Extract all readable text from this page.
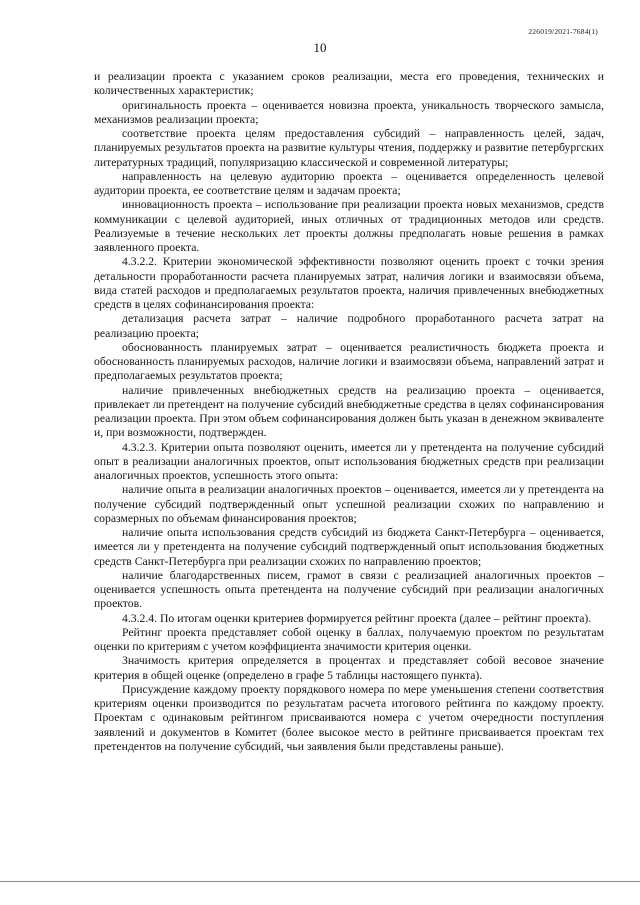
226019/2021-7684(1)
10

и реализации проекта с указанием сроков реализации, места его проведения, технических и количественных характеристик;

оригинальность проекта – оценивается новизна проекта, уникальность творческого замысла, механизмов реализации проекта;

соответствие проекта целям предоставления субсидий – направленность целей, задач, планируемых результатов проекта на развитие культуры чтения, поддержку и развитие петербургских литературных традиций, популяризацию классической и современной литературы;

направленность на целевую аудиторию проекта – оценивается определенность целевой аудитории проекта, ее соответствие целям и задачам проекта;

инновационность проекта – использование при реализации проекта новых механизмов, средств коммуникации с целевой аудиторией, иных отличных от традиционных методов или средств. Реализуемые в течение нескольких лет проекты должны предполагать новые решения в рамках заявленного проекта.

4.3.2.2. Критерии экономической эффективности позволяют оценить проект с точки зрения детальности проработанности расчета планируемых затрат, наличия логики и взаимосвязи объема, вида статей расходов и предполагаемых результатов проекта, наличия привлеченных внебюджетных средств в целях софинансирования проекта:

детализация расчета затрат – наличие подробного проработанного расчета затрат на реализацию проекта;

обоснованность планируемых затрат – оценивается реалистичность бюджета проекта и обоснованность планируемых расходов, наличие логики и взаимосвязи объема, направлений затрат и предполагаемых результатов проекта;

наличие привлеченных внебюджетных средств на реализацию проекта – оценивается, привлекает ли претендент на получение субсидий внебюджетные средства в целях софинансирования реализации проекта. При этом объем софинансирования должен быть указан в денежном эквиваленте и, при возможности, подтвержден.

4.3.2.3. Критерии опыта позволяют оценить, имеется ли у претендента на получение субсидий опыт в реализации аналогичных проектов, опыт использования бюджетных средств при реализации аналогичных проектов, успешность этого опыта:

наличие опыта в реализации аналогичных проектов – оценивается, имеется ли у претендента на получение субсидий подтвержденный опыт успешной реализации схожих по направлению и соразмерных по объемам финансирования проектов;

наличие опыта использования средств субсидий из бюджета Санкт-Петербурга – оценивается, имеется ли у претендента на получение субсидий подтвержденный опыт использования бюджетных средств Санкт-Петербурга при реализации схожих по направлению проектов;

наличие благодарственных писем, грамот в связи с реализацией аналогичных проектов – оценивается успешность опыта претендента на получение субсидий при реализации аналогичных проектов.

4.3.2.4. По итогам оценки критериев формируется рейтинг проекта (далее – рейтинг проекта).

Рейтинг проекта представляет собой оценку в баллах, получаемую проектом по результатам оценки по критериям с учетом коэффициента значимости критерия оценки.

Значимость критерия определяется в процентах и представляет собой весовое значение критерия в общей оценке (определено в графе 5 таблицы настоящего пункта).

Присуждение каждому проекту порядкового номера по мере уменьшения степени соответствия критериям оценки производится по результатам расчета итогового рейтинга по каждому проекту. Проектам с одинаковым рейтингом присваиваются номера с учетом очередности поступления заявлений и документов в Комитет (более высокое место в рейтинге присваивается проектам тех претендентов на получение субсидий, чьи заявления были представлены раньше).
